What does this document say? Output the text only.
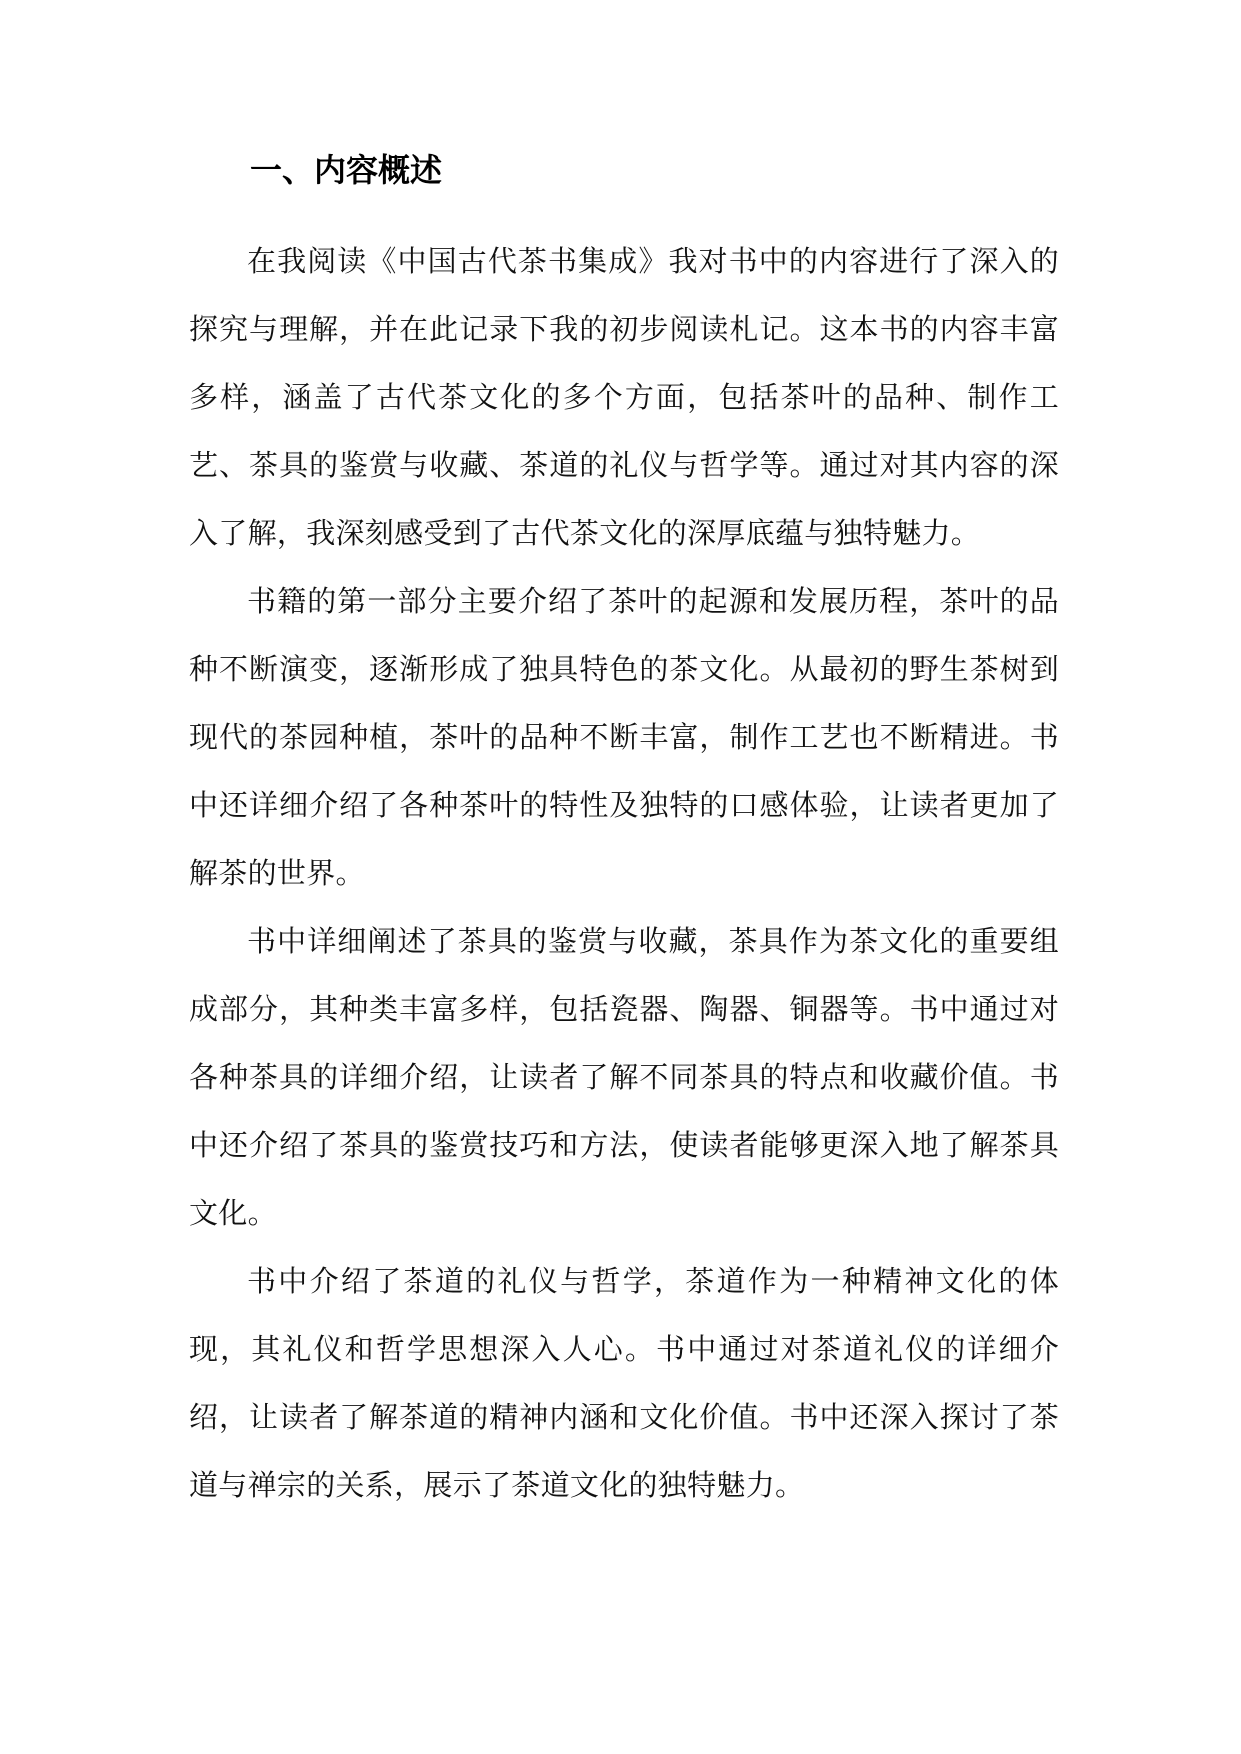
一、内容概述

在我阅读《中国古代茶书集成》我对书中的内容进行了深入的探究与理解，并在此记录下我的初步阅读札记。这本书的内容丰富多样，涵盖了古代茶文化的多个方面，包括茶叶的品种、制作工艺、茶具的鉴赏与收藏、茶道的礼仪与哲学等。通过对其内容的深入了解，我深刻感受到了古代茶文化的深厚底蕴与独特魅力。

书籍的第一部分主要介绍了茶叶的起源和发展历程，茶叶的品种不断演变，逐渐形成了独具特色的茶文化。从最初的野生茶树到现代的茶园种植，茶叶的品种不断丰富，制作工艺也不断精进。书中还详细介绍了各种茶叶的特性及独特的口感体验，让读者更加了解茶的世界。

书中详细阐述了茶具的鉴赏与收藏，茶具作为茶文化的重要组成部分，其种类丰富多样，包括瓷器、陶器、铜器等。书中通过对各种茶具的详细介绍，让读者了解不同茶具的特点和收藏价值。书中还介绍了茶具的鉴赏技巧和方法，使读者能够更深入地了解茶具文化。

书中介绍了茶道的礼仪与哲学，茶道作为一种精神文化的体现，其礼仪和哲学思想深入人心。书中通过对茶道礼仪的详细介绍，让读者了解茶道的精神内涵和文化价值。书中还深入探讨了茶道与禅宗的关系，展示了茶道文化的独特魅力。
